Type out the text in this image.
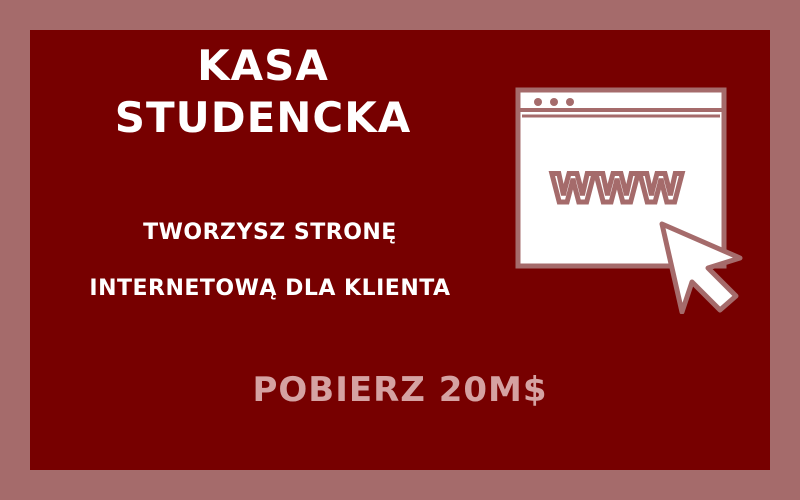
KASA
STUDENCKA
TWORZYSZ STRONĘ
INTERNETOWĄ DLA KLIENTA
www
POBIERZ 20M$
